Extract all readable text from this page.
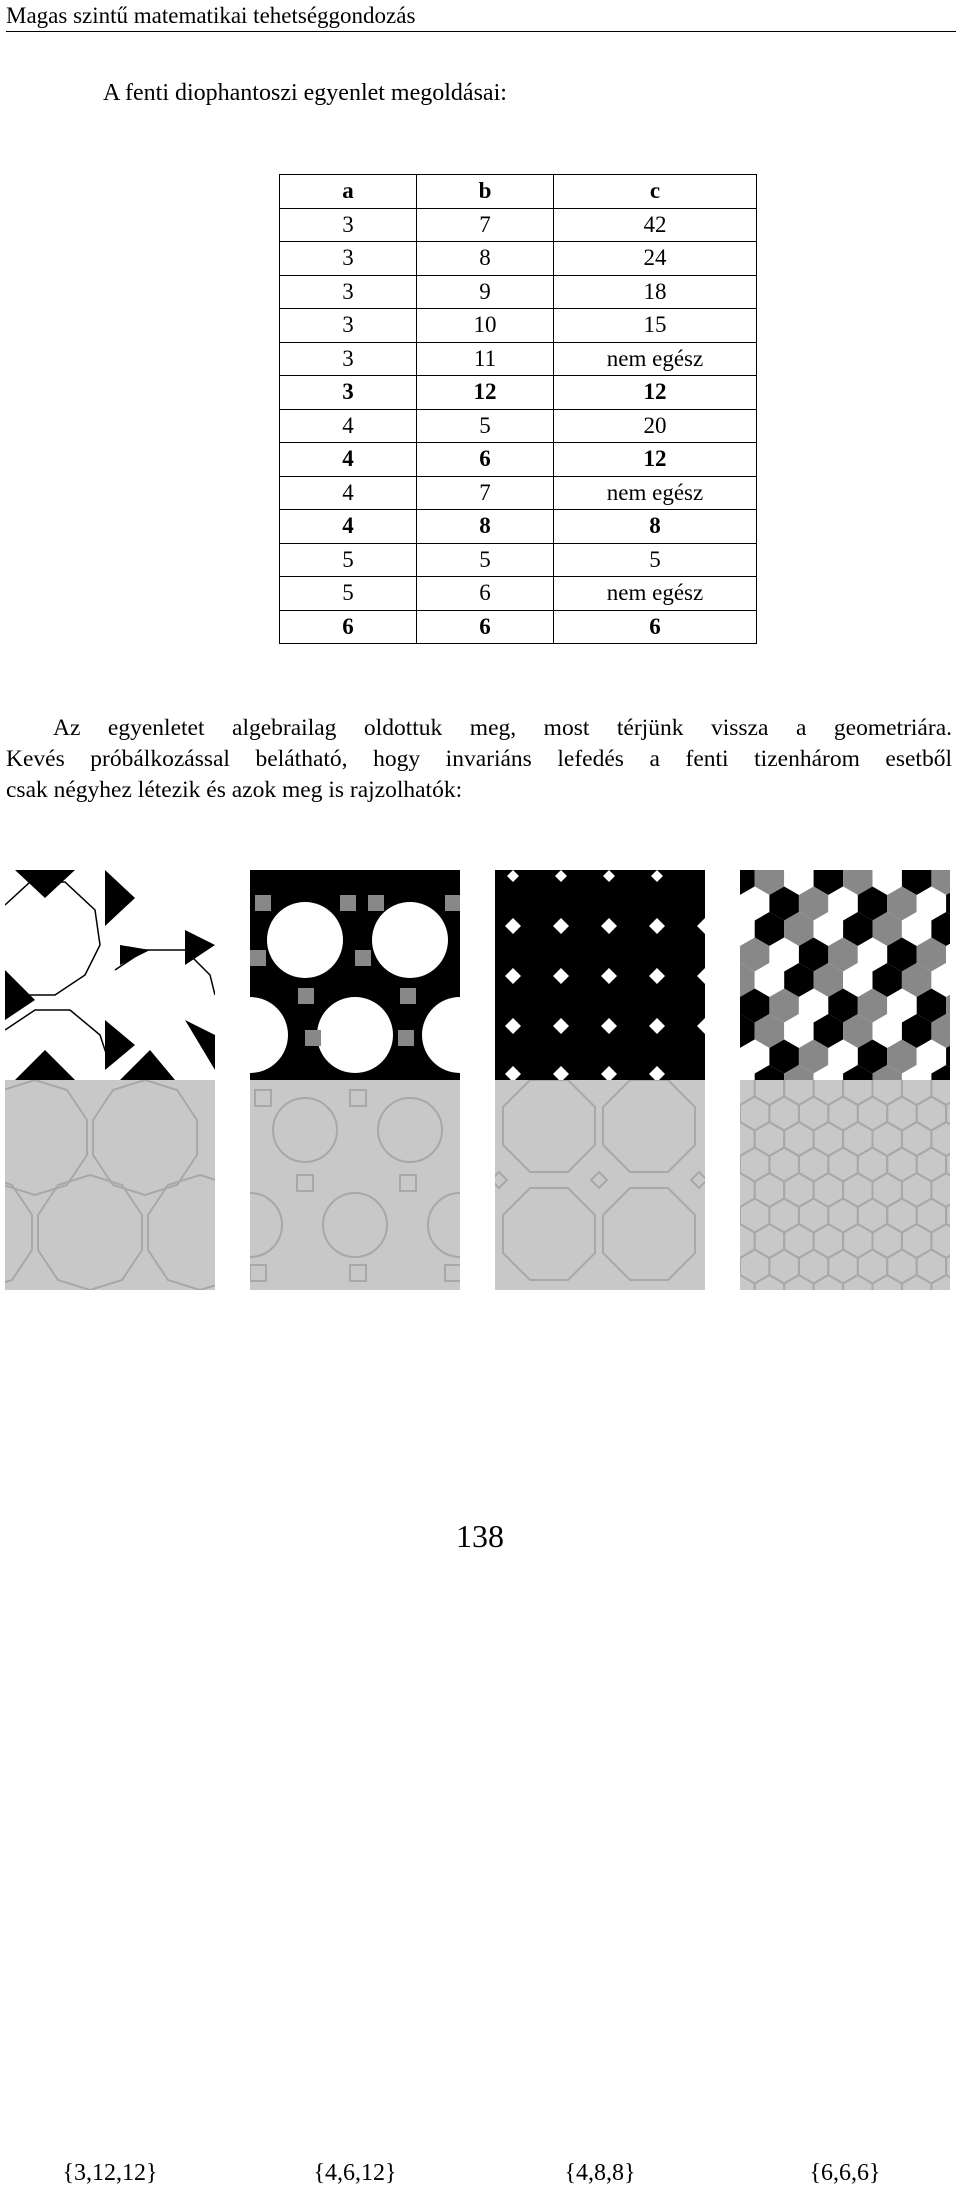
Magas szintű matematikai tehetséggondozás
A fenti diophantoszi egyenlet megoldásai:
a	b	c
3	7	42
3	8	24
3	9	18
3	10	15
3	11	nem egész
3	12	12
4	5	20
4	6	12
4	7	nem egész
4	8	8
5	5	5
5	6	nem egész
6	6	6
Az egyenletet algebrailag oldottuk meg, most térjünk vissza a geometriára.
Kevés próbálkozással belátható, hogy invariáns lefedés a fenti tizenhárom esetből
csak négyhez létezik és azok meg is rajzolhatók:
{3,12,12}	{4,6,12}	{4,8,8}	{6,6,6}
138
